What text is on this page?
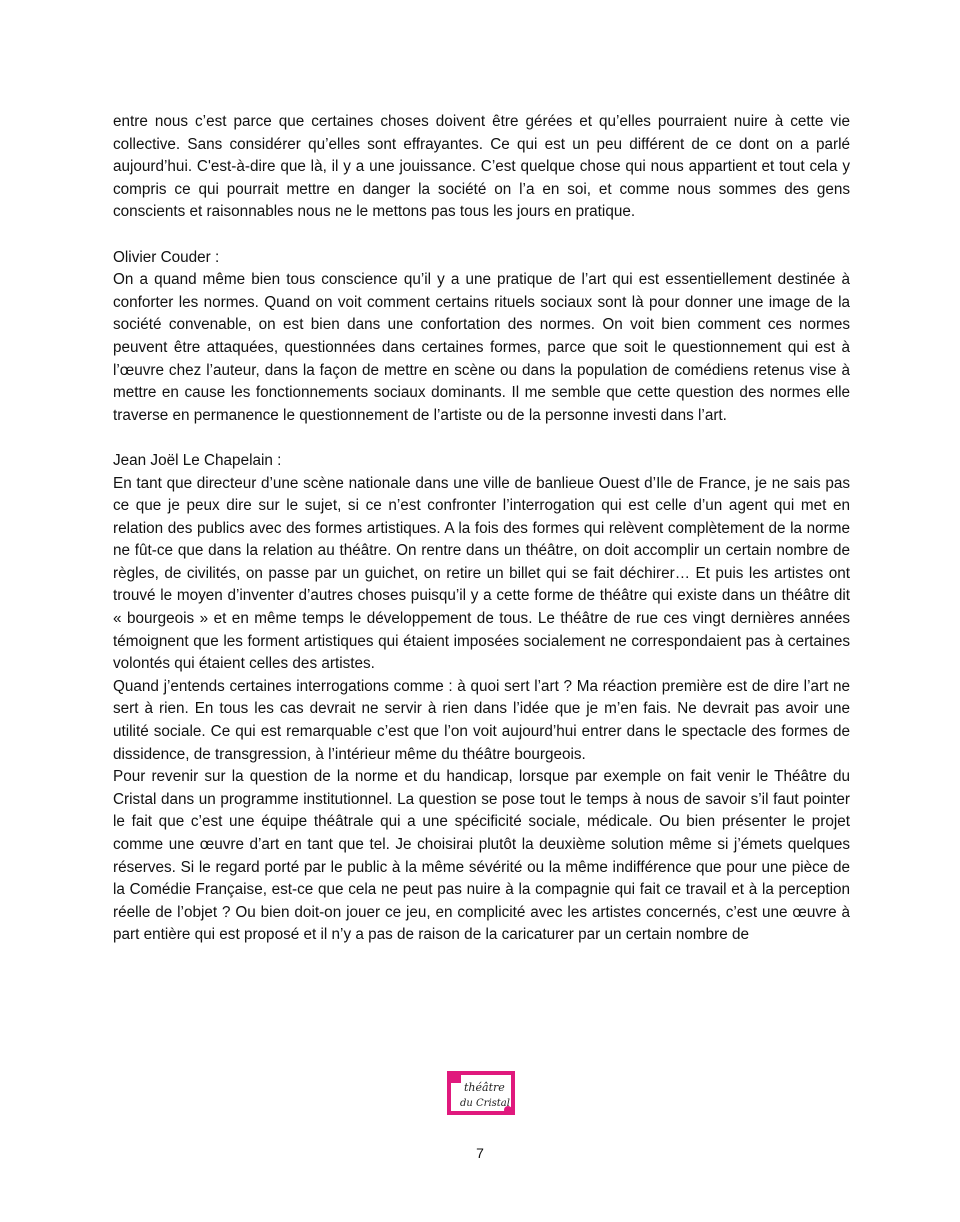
entre nous c’est parce que certaines choses doivent être gérées et qu’elles pourraient nuire à cette vie collective. Sans considérer qu’elles sont effrayantes. Ce qui est un peu différent de ce dont on a parlé aujourd’hui. C'est-à-dire que là, il y a une jouissance. C’est quelque chose qui nous appartient et tout cela y compris ce qui pourrait mettre en danger la société on l’a en soi, et comme nous sommes des gens conscients et raisonnables nous ne le mettons pas tous les jours en pratique.

Olivier Couder :

On a quand même bien tous conscience qu’il y a une pratique de l’art qui est essentiellement destinée à conforter les normes. Quand on voit comment certains rituels sociaux sont là pour donner une image de la société convenable, on est bien dans une confortation des normes. On voit bien comment ces normes peuvent être attaquées, questionnées dans certaines formes, parce que soit le questionnement qui est à l’œuvre chez l’auteur, dans la façon de mettre en scène ou dans la population de comédiens retenus vise à mettre en cause les fonctionnements sociaux dominants. Il me semble que cette question des normes elle traverse en permanence le questionnement de l’artiste ou de la personne investi dans l’art.

Jean Joël Le Chapelain :

En tant que directeur d’une scène nationale dans une ville de banlieue Ouest d’Ile de France, je ne sais pas ce que je peux dire sur le sujet, si ce n’est confronter l’interrogation qui est celle d’un agent qui met en relation des publics avec des formes artistiques. A la fois des formes qui relèvent complètement de la norme ne fût-ce que dans la relation au théâtre. On rentre dans un théâtre, on doit accomplir un certain nombre de règles, de civilités, on passe par un guichet, on retire un billet qui se fait déchirer… Et puis les artistes ont trouvé le moyen d’inventer d’autres choses puisqu’il y a cette forme de théâtre qui existe dans un théâtre dit « bourgeois » et en même temps le développement de tous. Le théâtre de rue ces vingt dernières années témoignent que les forment artistiques qui étaient imposées socialement ne correspondaient pas à certaines volontés qui étaient celles des artistes.

Quand j’entends certaines interrogations comme : à quoi sert l’art ? Ma réaction première est de dire l’art ne sert à rien. En tous les cas devrait ne servir à rien dans l’idée que je m’en fais. Ne devrait pas avoir une utilité sociale. Ce qui est remarquable c’est que l’on voit aujourd’hui entrer dans le spectacle des formes de dissidence, de transgression, à l’intérieur même du théâtre bourgeois.

Pour revenir sur la question de la norme et du handicap, lorsque par exemple on fait venir le Théâtre du Cristal dans un programme institutionnel. La question se pose tout le temps à nous de savoir s’il faut pointer le fait que c’est une équipe théâtrale qui a une spécificité sociale, médicale. Ou bien présenter le projet comme une œuvre d’art en tant que tel. Je choisirai plutôt la deuxième solution même si j’émets quelques réserves. Si le regard porté par le public à la même sévérité ou la même indifférence que pour une pièce de la Comédie Française, est-ce que cela ne peut pas nuire à la compagnie qui fait ce travail et à la perception réelle de l’objet ? Ou bien doit-on jouer ce jeu, en complicité avec les artistes concernés, c’est une œuvre à part entière qui est proposé et il n’y a pas de raison de la caricaturer par un certain nombre de

théâtre
du Cristal
7
